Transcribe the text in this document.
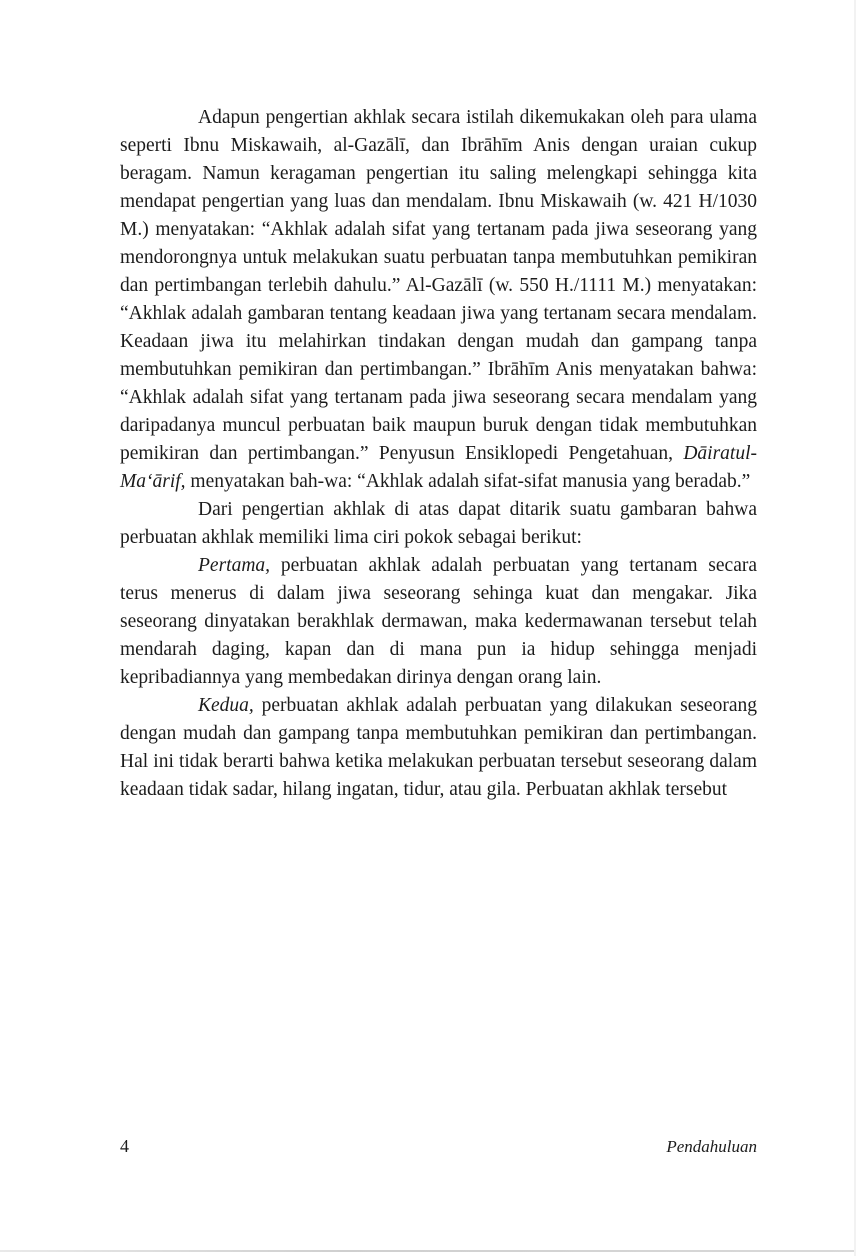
Adapun pengertian akhlak secara istilah dikemukakan oleh para ulama seperti Ibnu Miskawaih, al-Gazālī, dan Ibrāhīm Anis dengan uraian cukup beragam. Namun keragaman pengertian itu saling melengkapi sehingga kita mendapat pengertian yang luas dan mendalam. Ibnu Miskawaih (w. 421 H/1030 M.) menyatakan: “Akhlak adalah sifat yang tertanam pada jiwa seseorang yang mendorongnya untuk melakukan suatu perbuatan tanpa membutuhkan pemikiran dan pertimbangan terlebih dahulu.” Al-Gazālī (w. 550 H./1111 M.) menyatakan: “Akhlak adalah gambaran tentang keadaan jiwa yang tertanam secara mendalam. Keadaan jiwa itu melahirkan tindakan dengan mudah dan gampang tanpa membutuhkan pemikiran dan pertimbangan.” Ibrāhīm Anis menyatakan bahwa: “Akhlak adalah sifat yang tertanam pada jiwa seseorang secara mendalam yang daripadanya muncul perbuatan baik maupun buruk dengan tidak membutuhkan pemikiran dan pertimbangan.” Penyusun Ensiklopedi Pengetahuan, Dāiratul-Ma‘ārif, menyatakan bah-wa: “Akhlak adalah sifat-sifat manusia yang beradab.”

Dari pengertian akhlak di atas dapat ditarik suatu gambaran bahwa perbuatan akhlak memiliki lima ciri pokok sebagai berikut:

Pertama, perbuatan akhlak adalah perbuatan yang tertanam secara terus menerus di dalam jiwa seseorang sehinga kuat dan mengakar. Jika seseorang dinyatakan berakhlak dermawan, maka kedermawanan tersebut telah mendarah daging, kapan dan di mana pun ia hidup sehingga menjadi kepribadiannya yang membedakan dirinya dengan orang lain.

Kedua, perbuatan akhlak adalah perbuatan yang dilakukan seseorang dengan mudah dan gampang tanpa membutuhkan pemikiran dan pertimbangan. Hal ini tidak berarti bahwa ketika melakukan perbuatan tersebut seseorang dalam keadaan tidak sadar, hilang ingatan, tidur, atau gila. Perbuatan akhlak tersebut

4	Pendahuluan
